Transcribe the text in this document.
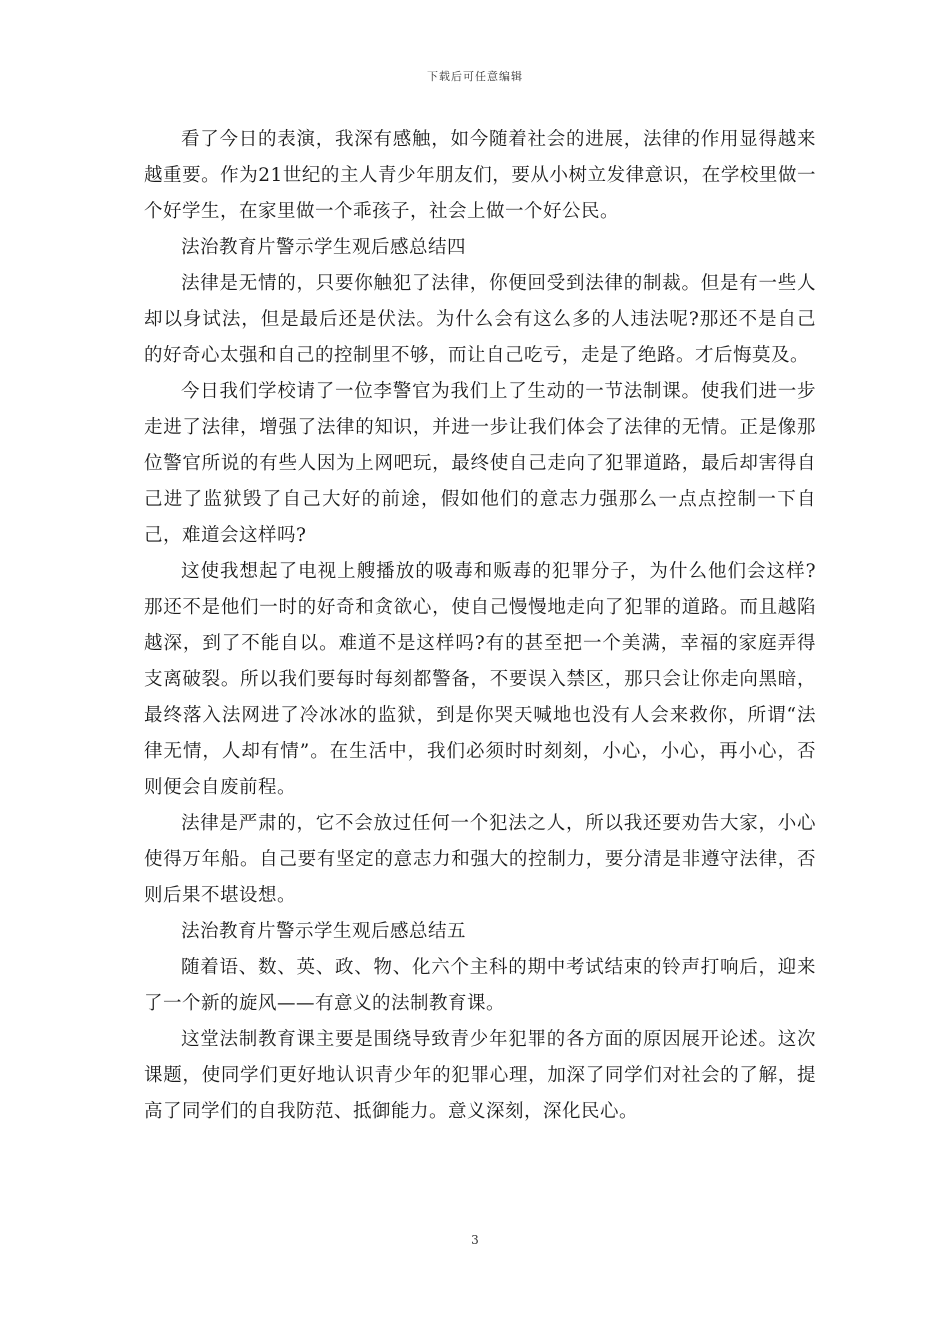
下载后可任意编辑

看了今日的表演，我深有感触，如今随着社会的进展，法律的作用显得越来越重要。作为21世纪的主人青少年朋友们，要从小树立发律意识，在学校里做一个好学生，在家里做一个乖孩子，社会上做一个好公民。

法治教育片警示学生观后感总结四

法律是无情的，只要你触犯了法律，你便回受到法律的制裁。但是有一些人却以身试法，但是最后还是伏法。为什么会有这么多的人违法呢?那还不是自己的好奇心太强和自己的控制里不够，而让自己吃亏，走是了绝路。才后悔莫及。

今日我们学校请了一位李警官为我们上了生动的一节法制课。使我们进一步走进了法律，增强了法律的知识，并进一步让我们体会了法律的无情。正是像那位警官所说的有些人因为上网吧玩，最终使自己走向了犯罪道路，最后却害得自己进了监狱毁了自己大好的前途，假如他们的意志力强那么一点点控制一下自己，难道会这样吗?

这使我想起了电视上艘播放的吸毒和贩毒的犯罪分子，为什么他们会这样?那还不是他们一时的好奇和贪欲心，使自己慢慢地走向了犯罪的道路。而且越陷越深，到了不能自以。难道不是这样吗?有的甚至把一个美满，幸福的家庭弄得支离破裂。所以我们要每时每刻都警备，不要误入禁区，那只会让你走向黑暗，最终落入法网进了冷冰冰的监狱，到是你哭天喊地也没有人会来救你，所谓“法律无情，人却有情”。在生活中，我们必须时时刻刻，小心，小心，再小心，否则便会自废前程。

法律是严肃的，它不会放过任何一个犯法之人，所以我还要劝告大家，小心使得万年船。自己要有坚定的意志力和强大的控制力，要分清是非遵守法律，否则后果不堪设想。

法治教育片警示学生观后感总结五

随着语、数、英、政、物、化六个主科的期中考试结束的铃声打响后，迎来了一个新的旋风——有意义的法制教育课。

这堂法制教育课主要是围绕导致青少年犯罪的各方面的原因展开论述。这次课题，使同学们更好地认识青少年的犯罪心理，加深了同学们对社会的了解，提高了同学们的自我防范、抵御能力。意义深刻，深化民心。

3
